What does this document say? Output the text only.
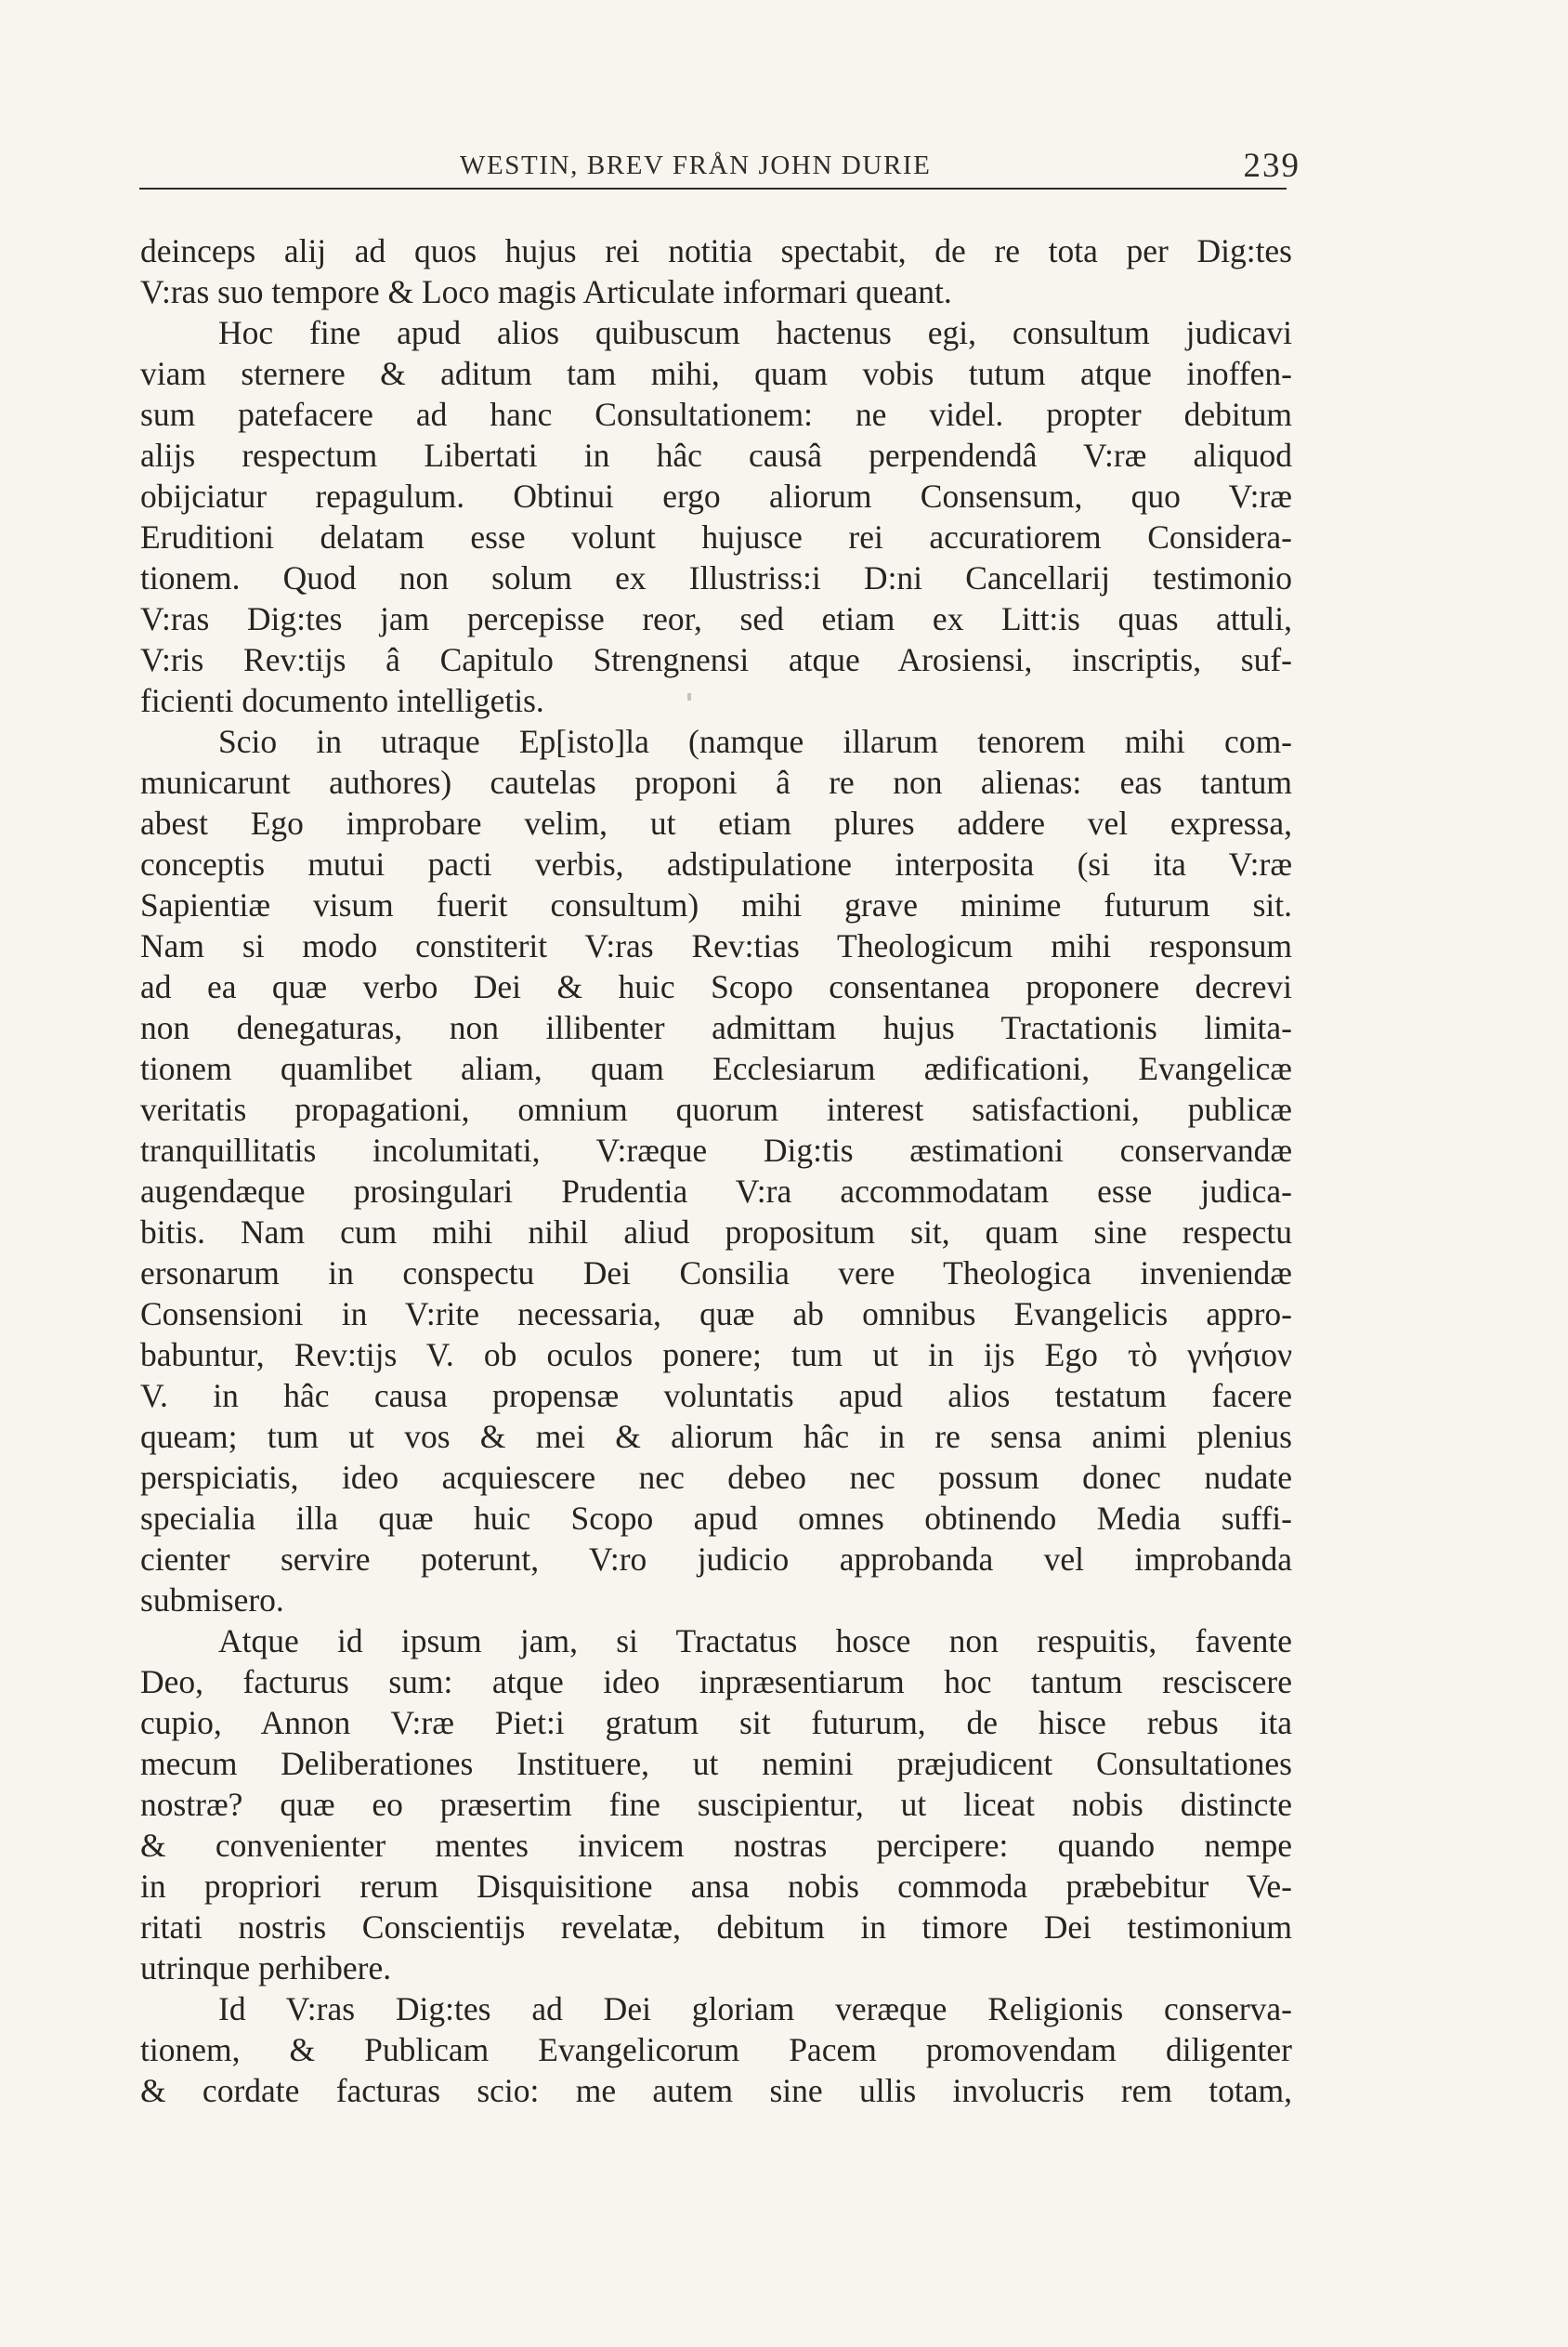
WESTIN, BREV FRÅN JOHN DURIE	239

deinceps alij ad quos hujus rei notitia spectabit, de re tota per Dig:tes
V:ras suo tempore & Loco magis Articulate informari queant.

Hoc fine apud alios quibuscum hactenus egi, consultum judicavi
viam sternere & aditum tam mihi, quam vobis tutum atque inoffen-
sum patefacere ad hanc Consultationem: ne videl. propter debitum
alijs respectum Libertati in hâc causâ perpendendâ V:ræ aliquod
obijciatur repagulum. Obtinui ergo aliorum Consensum, quo V:ræ
Eruditioni delatam esse volunt hujusce rei accuratiorem Considera-
tionem. Quod non solum ex Illustriss:i D:ni Cancellarij testimonio
V:ras Dig:tes jam percepisse reor, sed etiam ex Litt:is quas attuli,
V:ris Rev:tijs â Capitulo Strengnensi atque Arosiensi, inscriptis, suf-
ficienti documento intelligetis.

Scio in utraque Ep[isto]la (namque illarum tenorem mihi com-
municarunt authores) cautelas proponi â re non alienas: eas tantum
abest Ego improbare velim, ut etiam plures addere vel expressa,
conceptis mutui pacti verbis, adstipulatione interposita (si ita V:ræ
Sapientiæ visum fuerit consultum) mihi grave minime futurum sit.
Nam si modo constiterit V:ras Rev:tias Theologicum mihi responsum
ad ea quæ verbo Dei & huic Scopo consentanea proponere decrevi
non denegaturas, non illibenter admittam hujus Tractationis limita-
tionem quamlibet aliam, quam Ecclesiarum ædificationi, Evangelicæ
veritatis propagationi, omnium quorum interest satisfactioni, publicæ
tranquillitatis incolumitati, V:ræque Dig:tis æstimationi conservandæ
augendæque prosingulari Prudentia V:ra accommodatam esse judica-
bitis. Nam cum mihi nihil aliud propositum sit, quam sine respectu
ersonarum in conspectu Dei Consilia vere Theologica inveniendæ
Consensioni in V:rite necessaria, quæ ab omnibus Evangelicis appro-
babuntur, Rev:tijs V. ob oculos ponere; tum ut in ijs Ego τὸ γνήσιον
V. in hâc causa propensæ voluntatis apud alios testatum facere
queam; tum ut vos & mei & aliorum hâc in re sensa animi plenius
perspiciatis, ideo acquiescere nec debeo nec possum donec nudate
specialia illa quæ huic Scopo apud omnes obtinendo Media suffi-
cienter servire poterunt, V:ro judicio approbanda vel improbanda
submisero.

Atque id ipsum jam, si Tractatus hosce non respuitis, favente
Deo, facturus sum: atque ideo inpræsentiarum hoc tantum resciscere
cupio, Annon V:ræ Piet:i gratum sit futurum, de hisce rebus ita
mecum Deliberationes Instituere, ut nemini præjudicent Consultationes
nostræ? quæ eo præsertim fine suscipientur, ut liceat nobis distincte
& convenienter mentes invicem nostras percipere: quando nempe
in propriori rerum Disquisitione ansa nobis commoda præbebitur Ve-
ritati nostris Conscientijs revelatæ, debitum in timore Dei testimonium
utrinque perhibere.

Id V:ras Dig:tes ad Dei gloriam veræque Religionis conserva-
tionem, & Publicam Evangelicorum Pacem promovendam diligenter
& cordate facturas scio: me autem sine ullis involucris rem totam,
